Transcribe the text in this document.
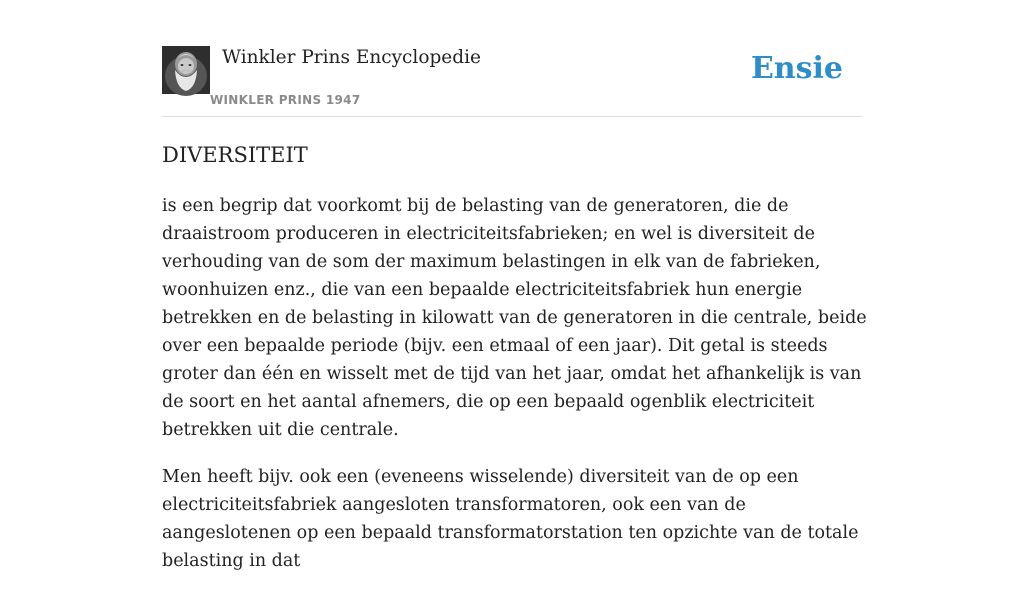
Winkler Prins Encyclopedie
WINKLER PRINS 1947
Ensie
DIVERSITEIT

is een begrip dat voorkomt bij de belasting van de generatoren, die de draaistroom produceren in electriciteitsfabrieken; en wel is diversiteit de verhouding van de som der maximum belastingen in elk van de fabrieken, woonhuizen enz., die van een bepaalde electriciteitsfabriek hun energie betrekken en de belasting in kilowatt van de generatoren in die centrale, beide over een bepaalde periode (bijv. een etmaal of een jaar). Dit getal is steeds groter dan één en wisselt met de tijd van het jaar, omdat het afhankelijk is van de soort en het aantal afnemers, die op een bepaald ogenblik electriciteit betrekken uit die centrale.

Men heeft bijv. ook een (eveneens wisselende) diversiteit van de op een electriciteitsfabriek aangesloten transformatoren, ook een van de aangeslotenen op een bepaald transformatorstation ten opzichte van de totale belasting in dat
